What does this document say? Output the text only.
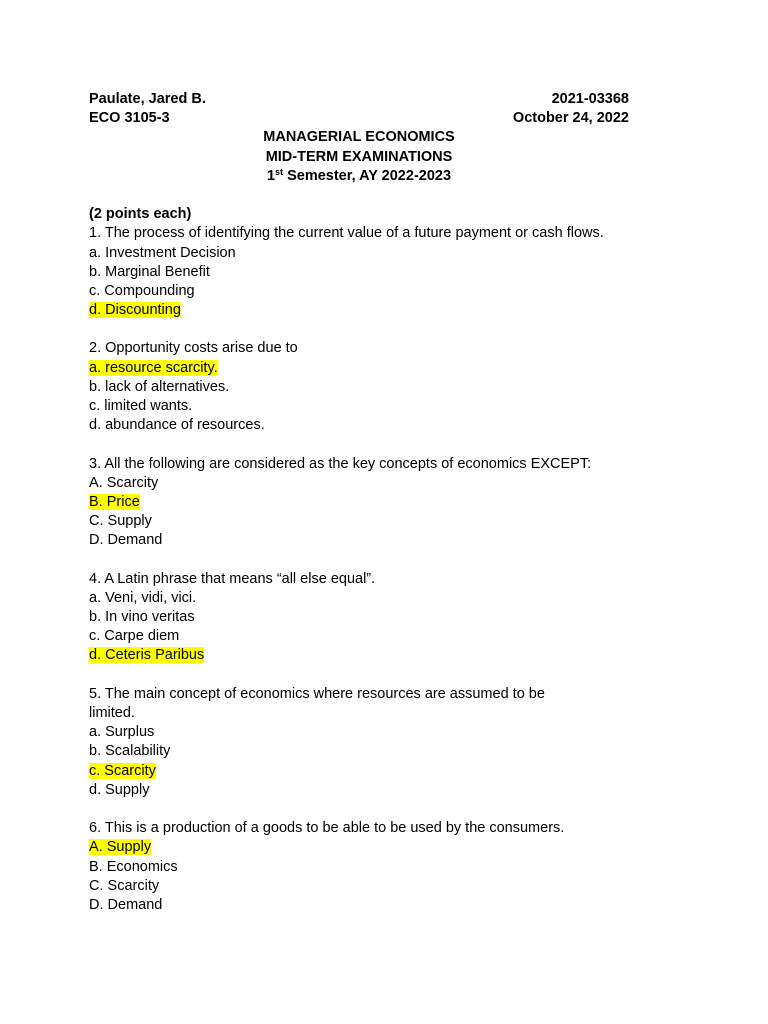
Paulate, Jared B.	2021-03368
ECO 3105-3	October 24, 2022
MANAGERIAL ECONOMICS
MID-TERM EXAMINATIONS
1st Semester, AY 2022-2023
(2 points each)
1. The process of identifying the current value of a future payment or cash flows.
a. Investment Decision
b. Marginal Benefit
c. Compounding
d. Discounting
2. Opportunity costs arise due to
a. resource scarcity.
b. lack of alternatives.
c. limited wants.
d. abundance of resources.
3. All the following are considered as the key concepts of economics EXCEPT:
A. Scarcity
B. Price
C. Supply
D. Demand
4. A Latin phrase that means “all else equal”.
a. Veni, vidi, vici.
b. In vino veritas
c. Carpe diem
d. Ceteris Paribus
5. The main concept of economics where resources are assumed to be limited.
a. Surplus
b. Scalability
c. Scarcity
d. Supply
6. This is a production of a goods to be able to be used by the consumers.
A. Supply
B. Economics
C. Scarcity
D. Demand
